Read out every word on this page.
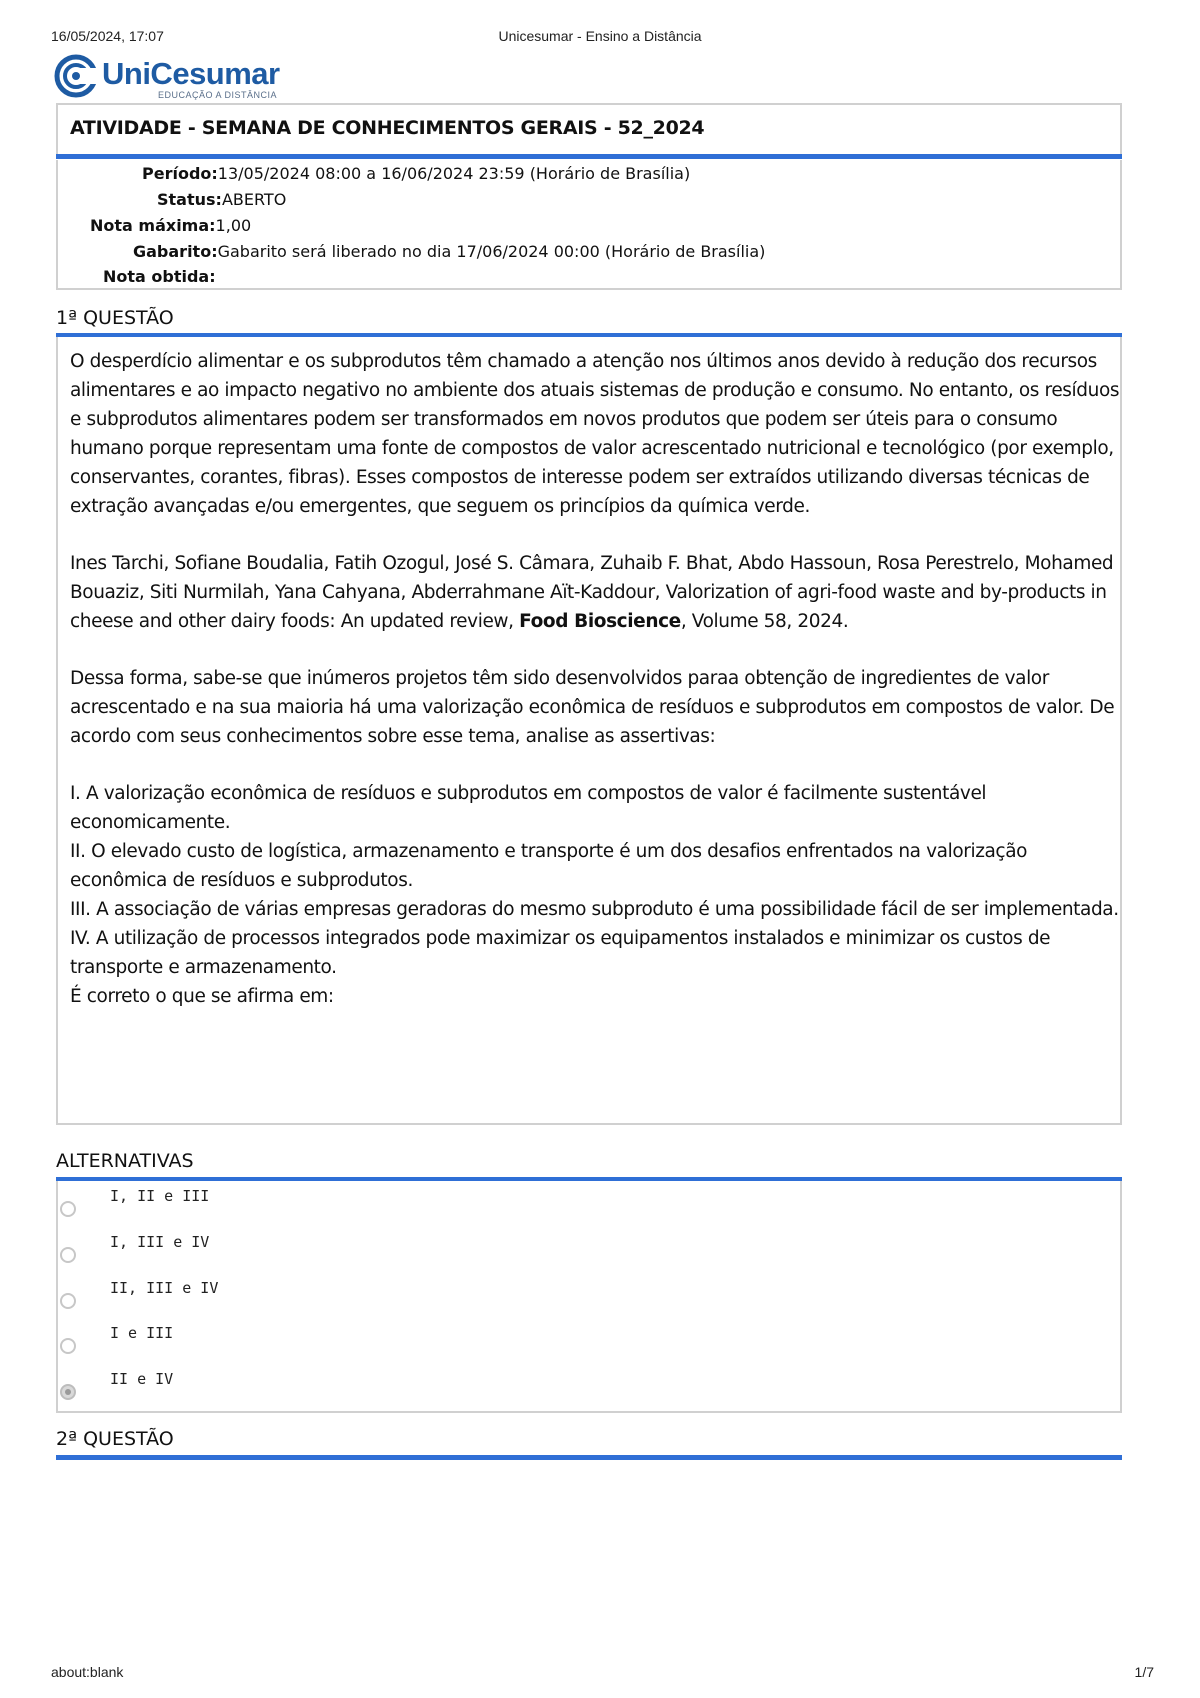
16/05/2024, 17:07	Unicesumar - Ensino a Distância
UniCesumar
EDUCAÇÃO A DISTÂNCIA
ATIVIDADE - SEMANA DE CONHECIMENTOS GERAIS - 52_2024
Período:13/05/2024 08:00 a 16/06/2024 23:59 (Horário de Brasília)
Status:ABERTO
Nota máxima:1,00
Gabarito:Gabarito será liberado no dia 17/06/2024 00:00 (Horário de Brasília)
Nota obtida:
1ª QUESTÃO

O desperdício alimentar e os subprodutos têm chamado a atenção nos últimos anos devido à redução dos recursos alimentares e ao impacto negativo no ambiente dos atuais sistemas de produção e consumo. No entanto, os resíduos e subprodutos alimentares podem ser transformados em novos produtos que podem ser úteis para o consumo humano porque representam uma fonte de compostos de valor acrescentado nutricional e tecnológico (por exemplo, conservantes, corantes, fibras). Esses compostos de interesse podem ser extraídos utilizando diversas técnicas de extração avançadas e/ou emergentes, que seguem os princípios da química verde.

Ines Tarchi, Sofiane Boudalia, Fatih Ozogul, José S. Câmara, Zuhaib F. Bhat, Abdo Hassoun, Rosa Perestrelo, Mohamed Bouaziz, Siti Nurmilah, Yana Cahyana, Abderrahmane Aït-Kaddour, Valorization of agri-food waste and by-products in cheese and other dairy foods: An updated review, Food Bioscience, Volume 58, 2024.

Dessa forma, sabe-se que inúmeros projetos têm sido desenvolvidos paraa obtenção de ingredientes de valor acrescentado e na sua maioria há uma valorização econômica de resíduos e subprodutos em compostos de valor. De acordo com seus conhecimentos sobre esse tema, analise as assertivas:

I. A valorização econômica de resíduos e subprodutos em compostos de valor é facilmente sustentável economicamente.

II. O elevado custo de logística, armazenamento e transporte é um dos desafios enfrentados na valorização econômica de resíduos e subprodutos.

III. A associação de várias empresas geradoras do mesmo subproduto é uma possibilidade fácil de ser implementada.

IV. A utilização de processos integrados pode maximizar os equipamentos instalados e minimizar os custos de transporte e armazenamento.

É correto o que se afirma em:

ALTERNATIVAS
I, II e III
I, III e IV
II, III e IV
I e III
II e IV
2ª QUESTÃO
about:blank	1/7
